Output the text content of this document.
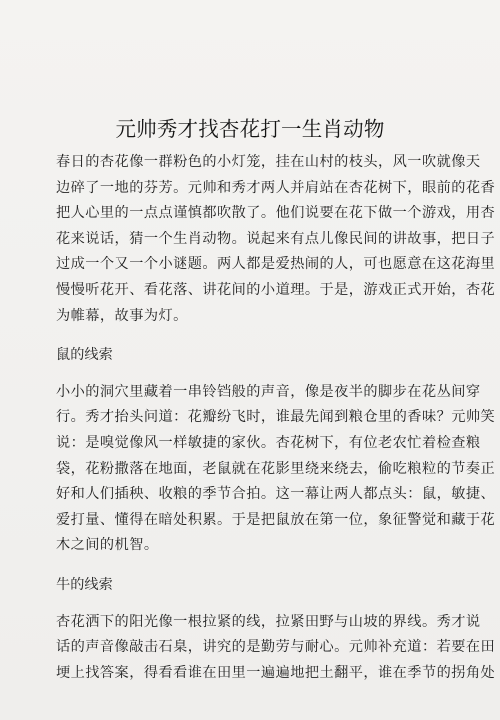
元帅秀才找杏花打一生肖动物

春日的杏花像一群粉色的小灯笼，挂在山村的枝头，风一吹就像天
边碎了一地的芬芳。元帅和秀才两人并肩站在杏花树下，眼前的花香
把人心里的一点点谨慎都吹散了。他们说要在花下做一个游戏，用杏
花来说话，猜一个生肖动物。说起来有点儿像民间的讲故事，把日子
过成一个又一个小谜题。两人都是爱热闹的人，可也愿意在这花海里
慢慢听花开、看花落、讲花间的小道理。于是，游戏正式开始，杏花
为帷幕，故事为灯。

鼠的线索

小小的洞穴里藏着一串铃铛般的声音，像是夜半的脚步在花丛间穿
行。秀才抬头问道：花瓣纷飞时，谁最先闻到粮仓里的香味？元帅笑
说：是嗅觉像风一样敏捷的家伙。杏花树下，有位老农忙着检查粮
袋，花粉撒落在地面，老鼠就在花影里绕来绕去，偷吃粮粒的节奏正
好和人们插秧、收粮的季节合拍。这一幕让两人都点头：鼠，敏捷、
爱打量、懂得在暗处积累。于是把鼠放在第一位，象征警觉和藏于花
木之间的机智。

牛的线索

杏花洒下的阳光像一根拉紧的线，拉紧田野与山坡的界线。秀才说
话的声音像敲击石臬，讲究的是勤劳与耐心。元帅补充道：若要在田
埂上找答案，得看看谁在田里一遍遍地把土翻平，谁在季节的拐角处
